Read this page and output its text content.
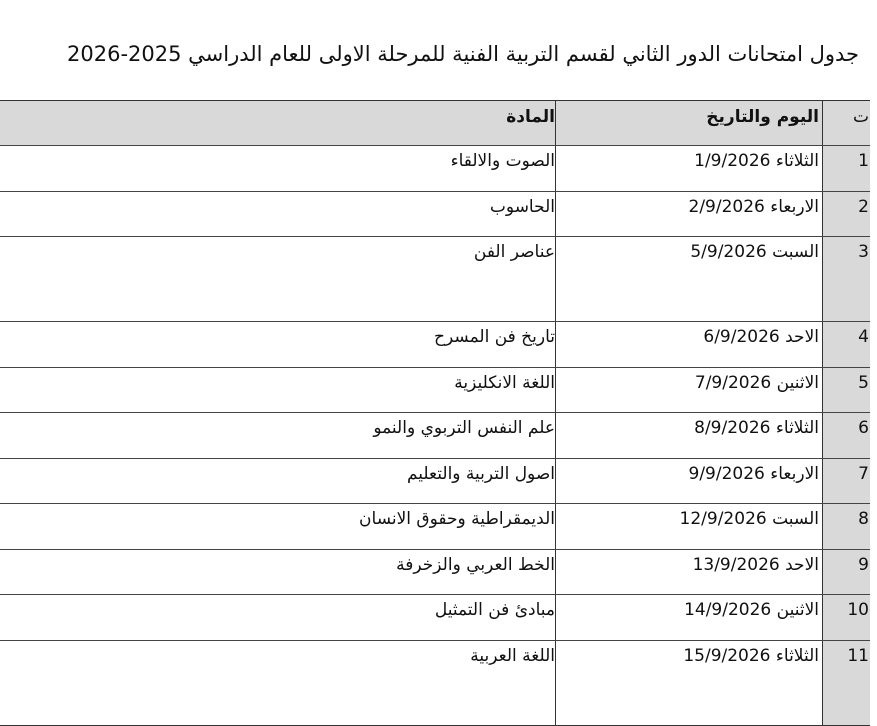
جدول امتحانات الدور الثاني لقسم التربية الفنية للمرحلة الاولى للعام الدراسي 2025-2026
ت
اليوم والتاريخ
المادة
1
الثلاثاء 1/9/2026
الصوت والالقاء
2
الاربعاء 2/9/2026
الحاسوب
3
السبت 5/9/2026
عناصر الفن
4
الاحد 6/9/2026
تاريخ فن المسرح
5
الاثنين 7/9/2026
اللغة الانكليزية
6
الثلاثاء 8/9/2026
علم النفس التربوي والنمو
7
الاربعاء 9/9/2026
اصول التربية والتعليم
8
السبت 12/9/2026
الديمقراطية وحقوق الانسان
9
الاحد 13/9/2026
الخط العربي والزخرفة
10
الاثنين 14/9/2026
مبادئ فن التمثيل
11
الثلاثاء 15/9/2026
اللغة العربية
